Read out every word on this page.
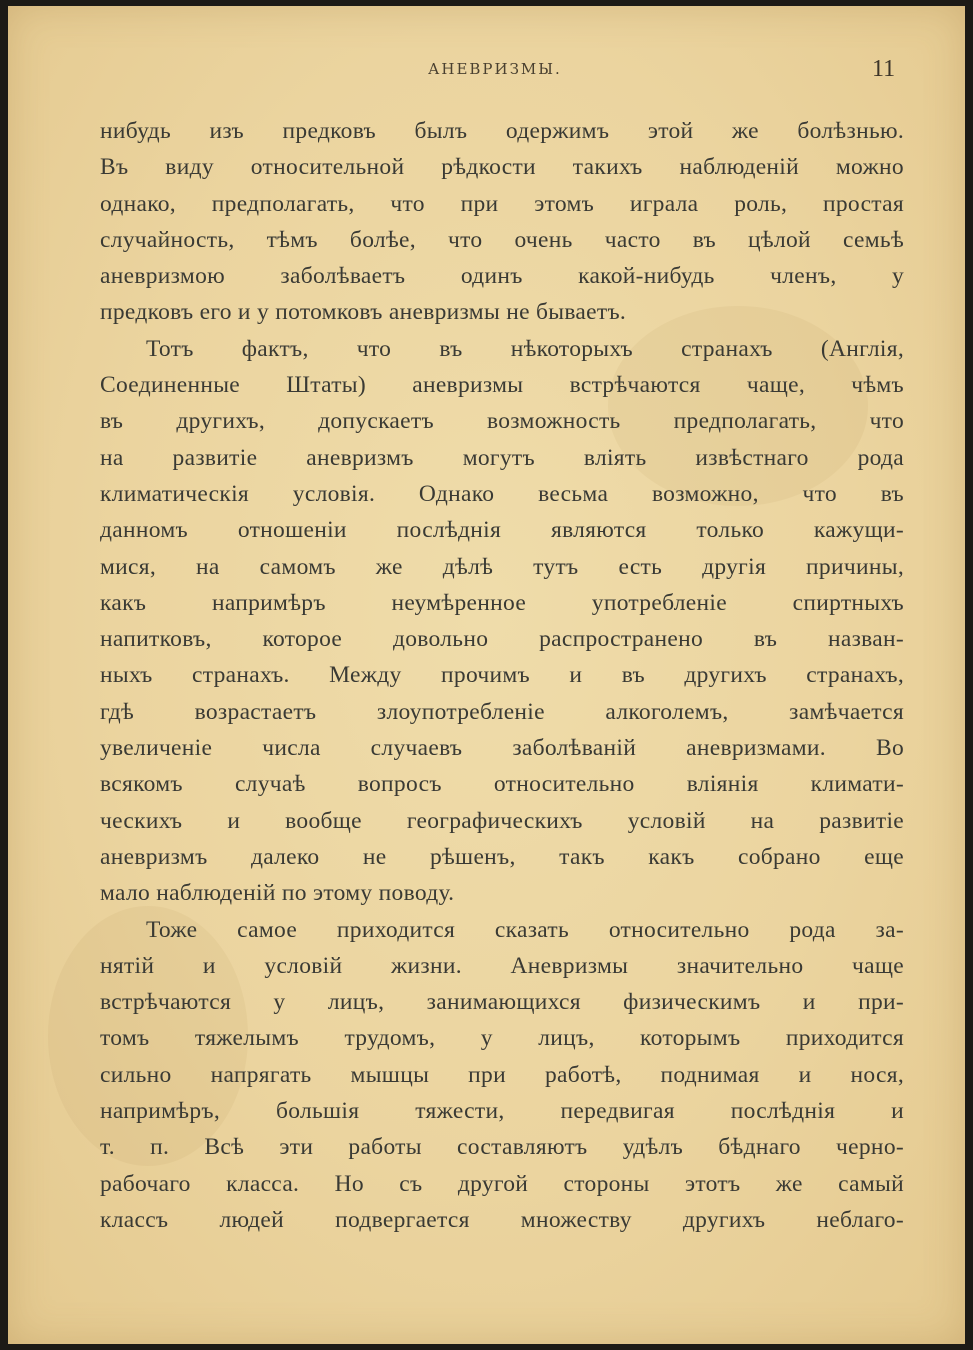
АНЕВРИЗМЫ.	11
нибудь изъ предковъ былъ одержимъ этой же болѣзнью.
Въ виду относительной рѣдкости такихъ наблюденій можно
однако, предполагать, что при этомъ играла роль, простая
случайность, тѣмъ болѣе, что очень часто въ цѣлой семьѣ
аневризмою заболѣваетъ одинъ какой-нибудь членъ, у
предковъ его и у потомковъ аневризмы не бываетъ.
Тотъ фактъ, что въ нѣкоторыхъ странахъ (Англія,
Соединенные Штаты) аневризмы встрѣчаются чаще, чѣмъ
въ другихъ, допускаетъ возможность предполагать, что
на развитіе аневризмъ могутъ вліять извѣстнаго рода
климатическія условія. Однако весьма возможно, что въ
данномъ отношеніи послѣднія являются только кажущи-
мися, на самомъ же дѣлѣ тутъ есть другія причины,
какъ напримѣръ неумѣренное употребленіе спиртныхъ
напитковъ, которое довольно распространено въ назван-
ныхъ странахъ. Между прочимъ и въ другихъ странахъ,
гдѣ возрастаетъ злоупотребленіе алкоголемъ, замѣчается
увеличеніе числа случаевъ заболѣваній аневризмами. Во
всякомъ случаѣ вопросъ относительно вліянія климати-
ческихъ и вообще географическихъ условій на развитіе
аневризмъ далеко не рѣшенъ, такъ какъ собрано еще
мало наблюденій по этому поводу.
Тоже самое приходится сказать относительно рода за-
нятій и условій жизни. Аневризмы значительно чаще
встрѣчаются у лицъ, занимающихся физическимъ и при-
томъ тяжелымъ трудомъ, у лицъ, которымъ приходится
сильно напрягать мышцы при работѣ, поднимая и нося,
напримѣръ, большія тяжести, передвигая послѣднія и
т. п. Всѣ эти работы составляютъ удѣлъ бѣднаго черно-
рабочаго класса. Но съ другой стороны этотъ же самый
классъ людей подвергается множеству другихъ неблаго-
